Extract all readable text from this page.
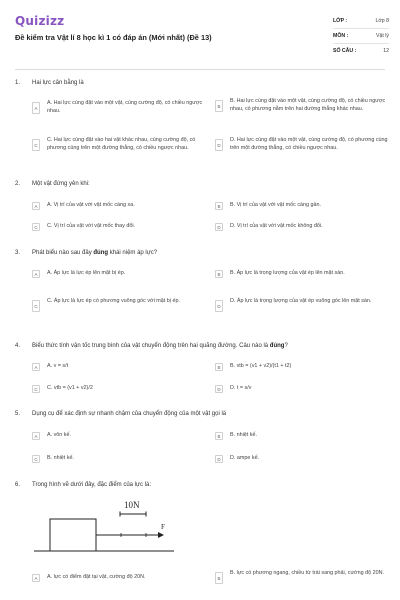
Quizizz
Đề kiểm tra Vật lí 8 học kì 1 có đáp án (Mới nhất) (Đề 13)
LỚP :	Lớp 8
MÔN :	Vật lý
SỐ CÂU :	12
1. Hai lực cân bằng là
A
A. Hai lực cùng đặt vào một vật, cùng cường độ, có chiều ngược nhau.
B
B. Hai lực cùng đặt vào một vật, cùng cường độ, có chiều ngược nhau, có phương nằm trên hai đường thẳng khác nhau.
C
C. Hai lực cùng đặt vào hai vật khác nhau, cùng cường độ, có phương cùng trên một đường thẳng, có chiều ngược nhau.	D
D. Hai lực cùng đặt vào một vật, cùng cường độ, có phương cùng trên một đường thẳng, có chiều ngược nhau.
2. Một vật đứng yên khi:
A	A. Vị trí của vật với vật mốc càng xa.	B	B. Vị trí của vật với vật mốc càng gần.
C	C. Vị trí của vật với vật mốc thay đổi.	D	D. Vị trí của vật với vật mốc không đổi.
3. Phát biểu nào sau đây đúng khái niệm áp lực?
A	A. Áp lực là lực ép lên mặt bị ép.	B	B. Áp lực là trọng lượng của vật ép lên mặt sàn.
C
C. Áp lực là lực ép có phương vuông góc với mặt bị ép.
D
D. Áp lực là trọng lượng của vật ép vuông góc lên mặt sàn.
4. Biểu thức tính vận tốc trung bình của vật chuyển động trên hai quãng đường. Câu nào là đúng?
A	A. v = s/t	B	B. vtb = (v1 + v2)/(t1 + t2)
C	C. vtb = (v1 + v2)/2	D	D. t = s/v
5. Dụng cụ để xác định sự nhanh chậm của chuyển động của một vật gọi là
A	A. vôn kế.	B	B. nhiệt kế.
C	B. nhiệt kế.	D	D. ampe kế.
6. Trong hình vẽ dưới đây, đặc điểm của lực là:
A	A. lực có điểm đặt tại vật, cường độ 20N.	B
B. lực có phương ngang, chiều từ trái sang phải, cường độ 20N.
10N
F
